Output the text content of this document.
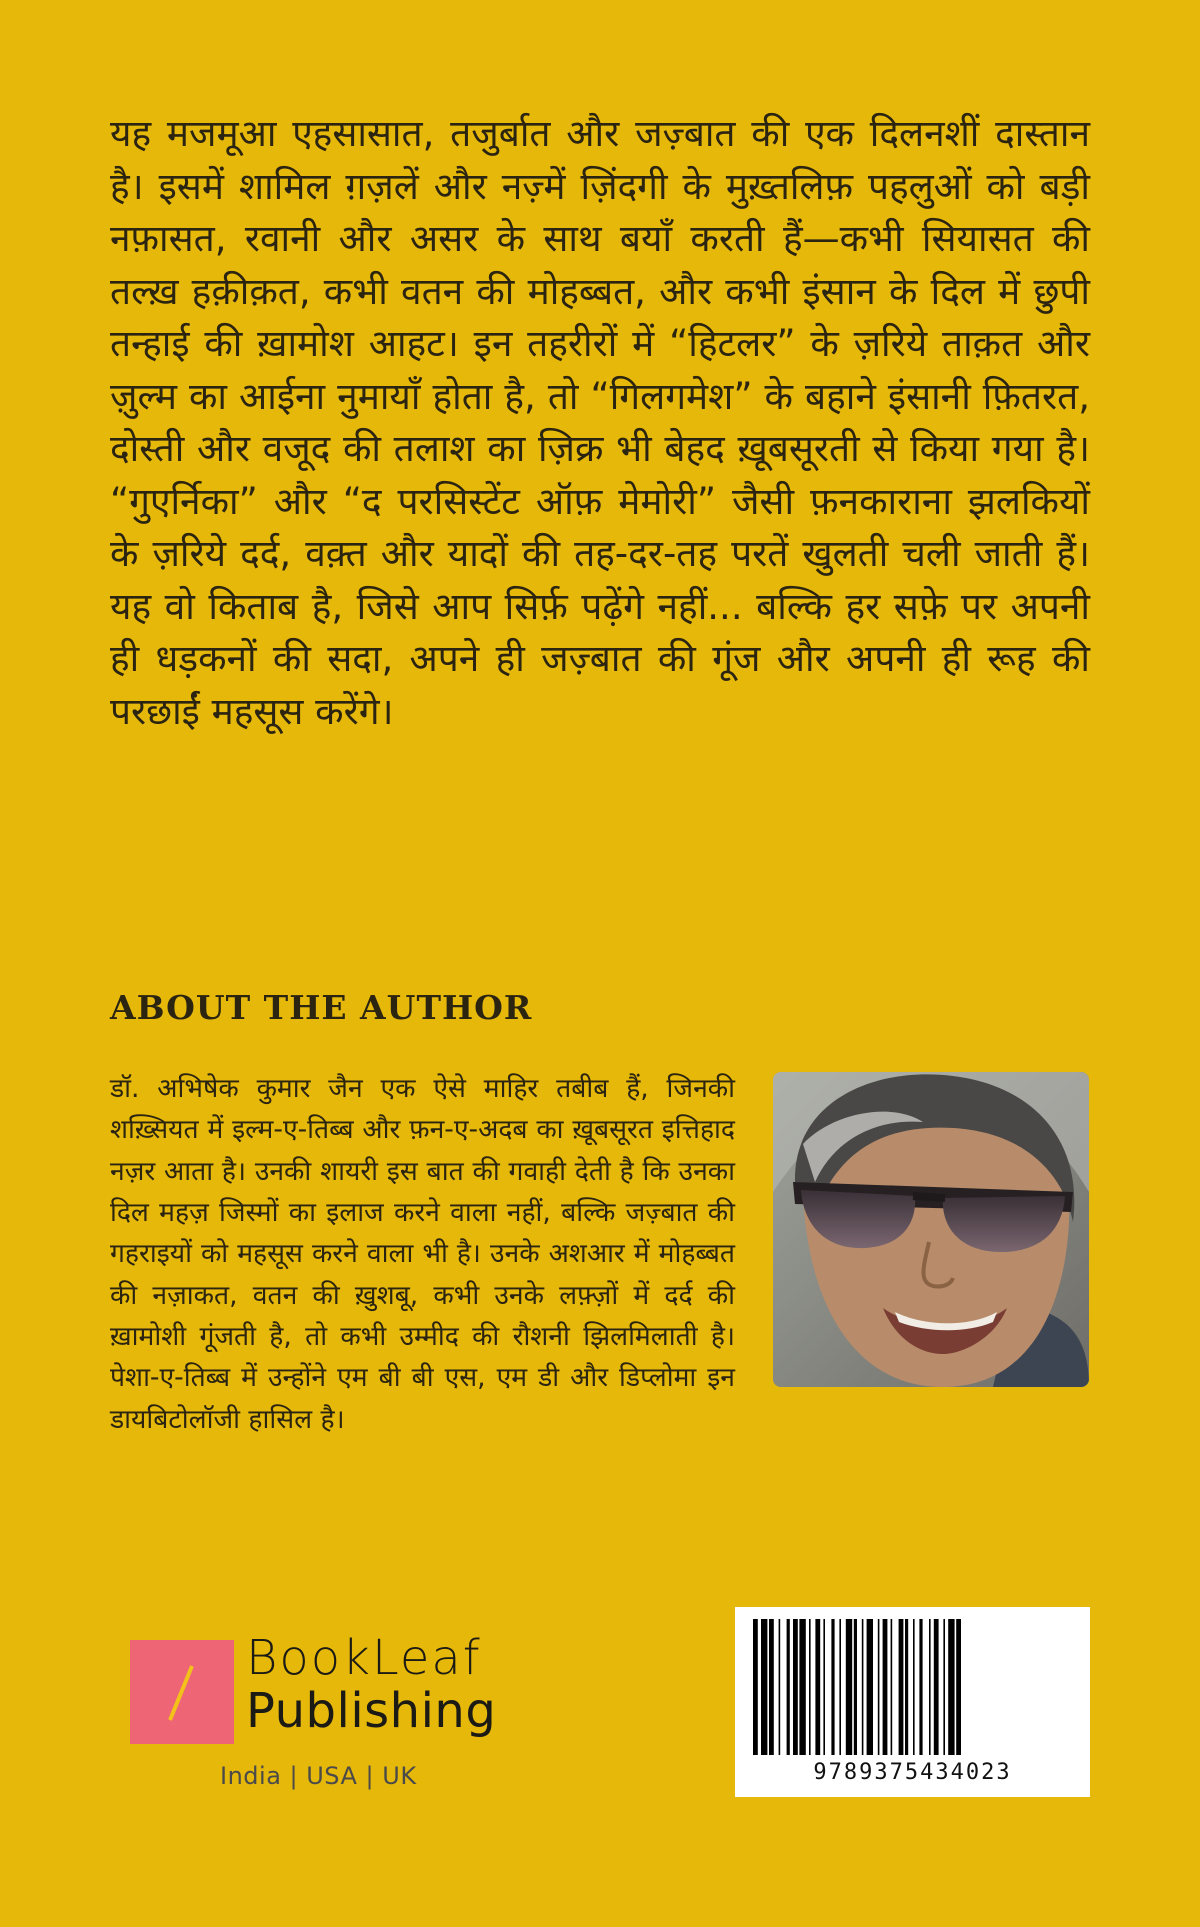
यह मजमूआ एहसासात, तजुर्बात और जज़्बात की एक दिलनशीं दास्तान है। इसमें शामिल ग़ज़लें और नज़्में ज़िंदगी के मुख़्तलिफ़ पहलुओं को बड़ी नफ़ासत, रवानी और असर के साथ बयाँ करती हैं—कभी सियासत की तल्ख़ हक़ीक़त, कभी वतन की मोहब्बत, और कभी इंसान के दिल में छुपी तन्हाई की ख़ामोश आहट। इन तहरीरों में “हिटलर” के ज़रिये ताक़त और ज़ुल्म का आईना नुमायाँ होता है, तो “गिलगमेश” के बहाने इंसानी फ़ितरत, दोस्ती और वजूद की तलाश का ज़िक्र भी बेहद ख़ूबसूरती से किया गया है। “गुएर्निका” और “द परसिस्टेंट ऑफ़ मेमोरी” जैसी फ़नकाराना झलकियों के ज़रिये दर्द, वक़्त और यादों की तह-दर-तह परतें खुलती चली जाती हैं। यह वो किताब है, जिसे आप सिर्फ़ पढ़ेंगे नहीं... बल्कि हर सफ़े पर अपनी ही धड़कनों की सदा, अपने ही जज़्बात की गूंज और अपनी ही रूह की परछाईं महसूस करेंगे।

ABOUT THE AUTHOR

डॉ. अभिषेक कुमार जैन एक ऐसे माहिर तबीब हैं, जिनकी शख़्सियत में इल्म-ए-तिब्ब और फ़न-ए-अदब का ख़ूबसूरत इत्तिहाद नज़र आता है। उनकी शायरी इस बात की गवाही देती है कि उनका दिल महज़ जिस्मों का इलाज करने वाला नहीं, बल्कि जज़्बात की गहराइयों को महसूस करने वाला भी है। उनके अशआर में मोहब्बत की नज़ाकत, वतन की ख़ुशबू, कभी उनके लफ़्ज़ों में दर्द की ख़ामोशी गूंजती है, तो कभी उम्मीद की रौशनी झिलमिलाती है। पेशा-ए-तिब्ब में उन्होंने एम बी बी एस, एम डी और डिप्लोमा इन डायबिटोलॉजी हासिल है।

BookLeaf
Publishing
India | USA | UK	9789375434023
